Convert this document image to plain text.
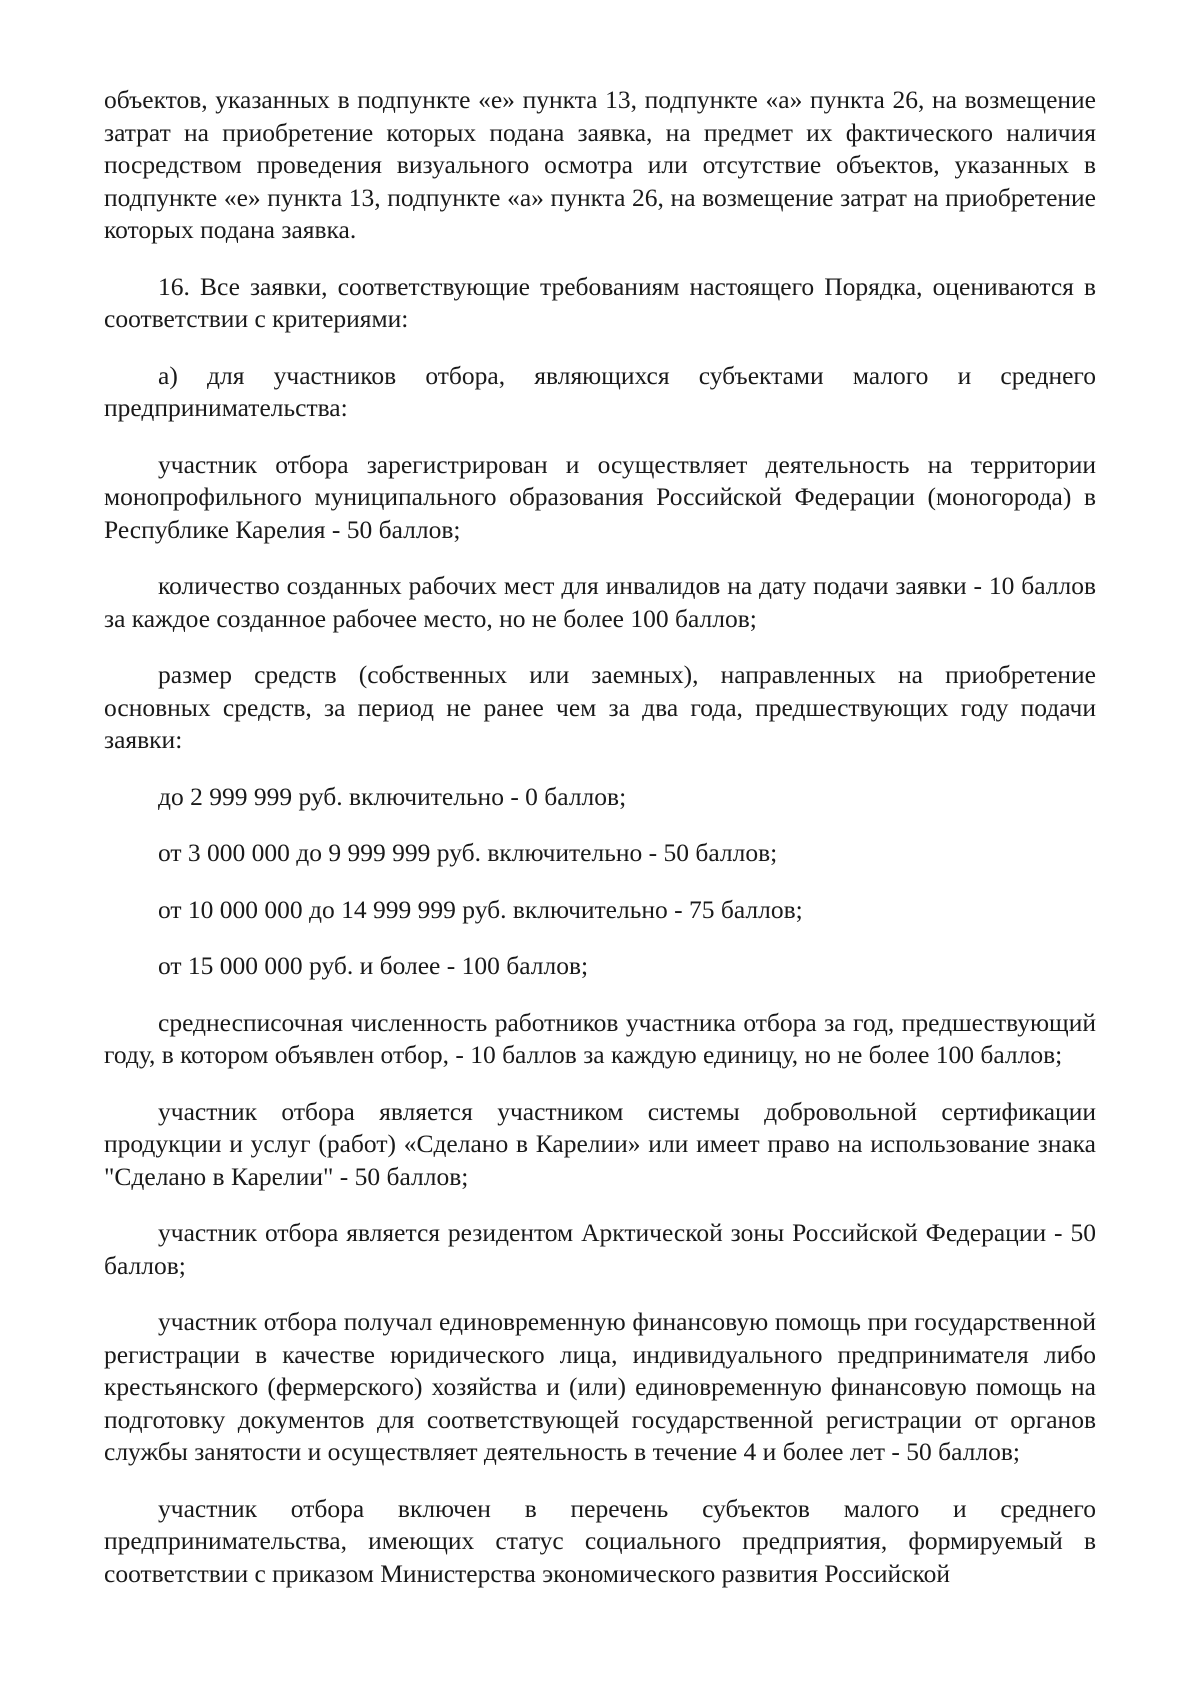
объектов, указанных в подпункте «е» пункта 13, подпункте «а» пункта 26, на возмещение затрат на приобретение которых подана заявка, на предмет их фактического наличия посредством проведения визуального осмотра или отсутствие объектов, указанных в подпункте «е» пункта 13, подпункте «а» пункта 26, на возмещение затрат на приобретение которых подана заявка.

16. Все заявки, соответствующие требованиям настоящего Порядка, оцениваются в соответствии с критериями:

а) для участников отбора, являющихся субъектами малого и среднего предпринимательства:

участник отбора зарегистрирован и осуществляет деятельность на территории монопрофильного муниципального образования Российской Федерации (моногорода) в Республике Карелия - 50 баллов;

количество созданных рабочих мест для инвалидов на дату подачи заявки - 10 баллов за каждое созданное рабочее место, но не более 100 баллов;

размер средств (собственных или заемных), направленных на приобретение основных средств, за период не ранее чем за два года, предшествующих году подачи заявки:

до 2 999 999 руб. включительно - 0 баллов;

от 3 000 000 до 9 999 999 руб. включительно - 50 баллов;

от 10 000 000 до 14 999 999 руб. включительно - 75 баллов;

от 15 000 000 руб. и более - 100 баллов;

среднесписочная численность работников участника отбора за год, предшествующий году, в котором объявлен отбор, - 10 баллов за каждую единицу, но не более 100 баллов;

участник отбора является участником системы добровольной сертификации продукции и услуг (работ) «Сделано в Карелии» или имеет право на использование знака "Сделано в Карелии" - 50 баллов;

участник отбора является резидентом Арктической зоны Российской Федерации - 50 баллов;

участник отбора получал единовременную финансовую помощь при государственной регистрации в качестве юридического лица, индивидуального предпринимателя либо крестьянского (фермерского) хозяйства и (или) единовременную финансовую помощь на подготовку документов для соответствующей государственной регистрации от органов службы занятости и осуществляет деятельность в течение 4 и более лет - 50 баллов;

участник отбора включен в перечень субъектов малого и среднего предпринимательства, имеющих статус социального предприятия, формируемый в соответствии с приказом Министерства экономического развития Российской
